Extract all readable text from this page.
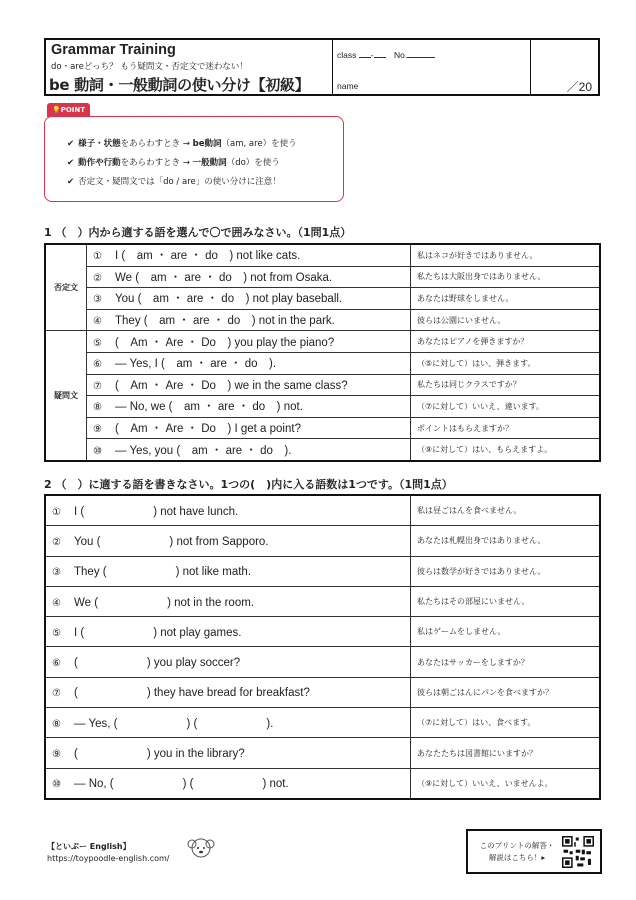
Grammar Training
do・areどっち？ もう疑問文・否定文で迷わない！
be 動詞・一般動詞の使い分け【初級】
class - No.
name	／20
💡POINT
✔ 様子・状態をあらわすとき → be動詞（am, are）を使う
✔ 動作や行動をあらわすとき → 一般動詞（do）を使う
✔ 否定文・疑問文では「do / are」の使い分けに注意！
1 （　）内から適する語を選んで〇で囲みなさい。（1問1点）
否定文	① I (　am ・ are ・ do　) not like cats.	私はネコが好きではありません。
	② We (　am ・ are ・ do　) not from Osaka.	私たちは大阪出身ではありません。
	③ You (　am ・ are ・ do　) not play baseball.	あなたは野球をしません。
	④ They (　am ・ are ・ do　) not in the park.	彼らは公園にいません。
疑問文	⑤ (　Am ・ Are ・ Do　) you play the piano?	あなたはピアノを弾きますか？
	⑥ — Yes, I (　am ・ are ・ do　).	（⑤に対して）はい、弾きます。
	⑦ (　Am ・ Are ・ Do　) we in the same class?	私たちは同じクラスですか？
	⑧ — No, we (　am ・ are ・ do　) not.	（⑦に対して）いいえ、違います。
	⑨ (　Am ・ Are ・ Do　) I get a point?	ポイントはもらえますか？
	⑩ — Yes, you (　am ・ are ・ do　).	（⑨に対して）はい、もらえますよ。
2 （　）に適する語を書きなさい。1つの(　)内に入る語数は1つです。（1問1点）
① I (　　　　　　) not have lunch.	私は昼ごはんを食べません。
② You (　　　　　　) not from Sapporo.	あなたは札幌出身ではありません。
③ They (　　　　　　) not like math.	彼らは数学が好きではありません。
④ We (　　　　　　) not in the room.	私たちはその部屋にいません。
⑤ I (　　　　　　) not play games.	私はゲームをしません。
⑥ (　　　　　　) you play soccer?	あなたはサッカーをしますか？
⑦ (　　　　　　) they have bread for breakfast?	彼らは朝ごはんにパンを食べますか？
⑧ — Yes, (　　　　　　) (　　　　　　).	（⑦に対して）はい、食べます。
⑨ (　　　　　　) you in the library?	あなたたちは図書館にいますか？
⑩ — No, (　　　　　　) (　　　　　　) not.	（⑨に対して）いいえ、いませんよ。
【といぷー English】
https://toypoodle-english.com/
このプリントの解答・解説はこちら！▸
